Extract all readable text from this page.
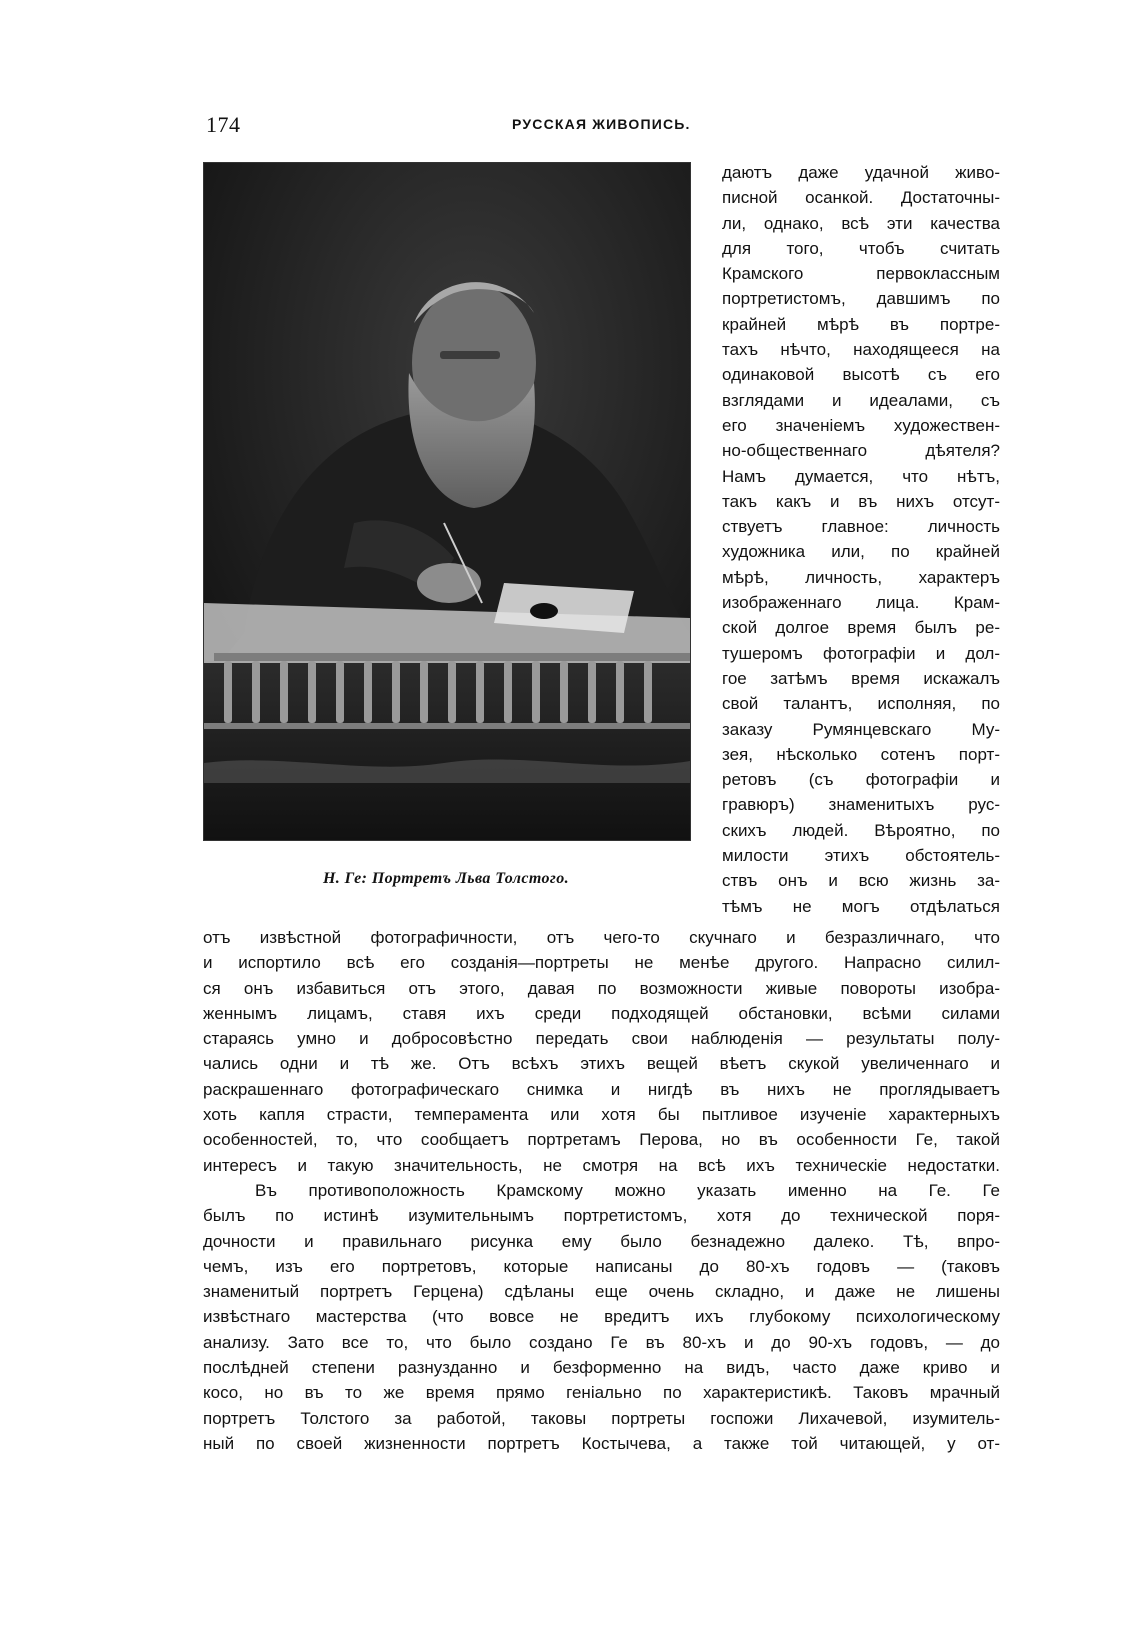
174	РУССКАЯ ЖИВОПИСЬ.
Н. Ге: Портретъ Льва Толстого.
даютъ даже удачной живо-
писной осанкой. Достаточны-
ли, однако, всѣ эти качества
для того, чтобъ считать
Крамского первоклассным
портретистомъ, давшимъ по
крайней мѣрѣ въ портре-
тахъ нѣчто, находящееся на
одинаковой высотѣ съ его
взглядами и идеалами, съ
его значенiемъ художествен-
но-общественнаго дѣятеля?
Намъ думается, что нѣтъ,
такъ какъ и въ нихъ отсут-
ствуетъ главное: личность
художника или, по крайней
мѣрѣ, личность, характеръ
изображеннаго лица. Крам-
ской долгое время былъ ре-
тушеромъ фотографiи и дол-
гое затѣмъ время искажалъ
свой талантъ, исполняя, по
заказу Румянцевскаго Му-
зея, нѣсколько сотенъ порт-
ретовъ (съ фотографiи и
гравюръ) знаменитыхъ рус-
скихъ людей. Вѣроятно, по
милости этихъ обстоятель-
ствъ онъ и всю жизнь за-
тѣмъ не могъ отдѣлаться
отъ извѣстной фотографичности, отъ чего-то скучнаго и безразличнаго, что
и испортило всѣ его созданiя—портреты не менѣе другого. Напрасно силил-
ся онъ избавиться отъ этого, давая по возможности живые повороты изобра-
женнымъ лицамъ, ставя ихъ среди подходящей обстановки, всѣми силами
стараясь умно и добросовѣстно передать свои наблюденiя — результаты полу-
чались одни и тѣ же. Отъ всѣхъ этихъ вещей вѣетъ скукой увеличеннаго и
раскрашеннаго фотографическаго снимка и нигдѣ въ нихъ не проглядываетъ
хоть капля страсти, темперамента или хотя бы пытливое изученiе характерныхъ
особенностей, то, что сообщаетъ портретамъ Перова, но въ особенности Ге, такой
интересъ и такую значительность, не смотря на всѣ ихъ техническiе недостатки.
Въ противоположность Крамскому можно указать именно на Ге. Ге
былъ по истинѣ изумительнымъ портретистомъ, хотя до технической поря-
дочности и правильнаго рисунка ему было безнадежно далеко. Тѣ, впро-
чемъ, изъ его портретовъ, которые написаны до 80-хъ годовъ — (таковъ
знаменитый портретъ Герцена) сдѣланы еще очень складно, и даже не лишены
извѣстнаго мастерства (что вовсе не вредитъ ихъ глубокому психологическому
анализу. Зато все то, что было создано Ге въ 80-хъ и до 90-хъ годовъ, — до
послѣдней степени разнузданно и безформенно на видъ, часто даже криво и
косо, но въ то же время прямо генiально по характеристикѣ. Таковъ мрачный
портретъ Толстого за работой, таковы портреты госпожи Лихачевой, изумитель-
ный по своей жизненности портретъ Костычева, а также той читающей, у от-
